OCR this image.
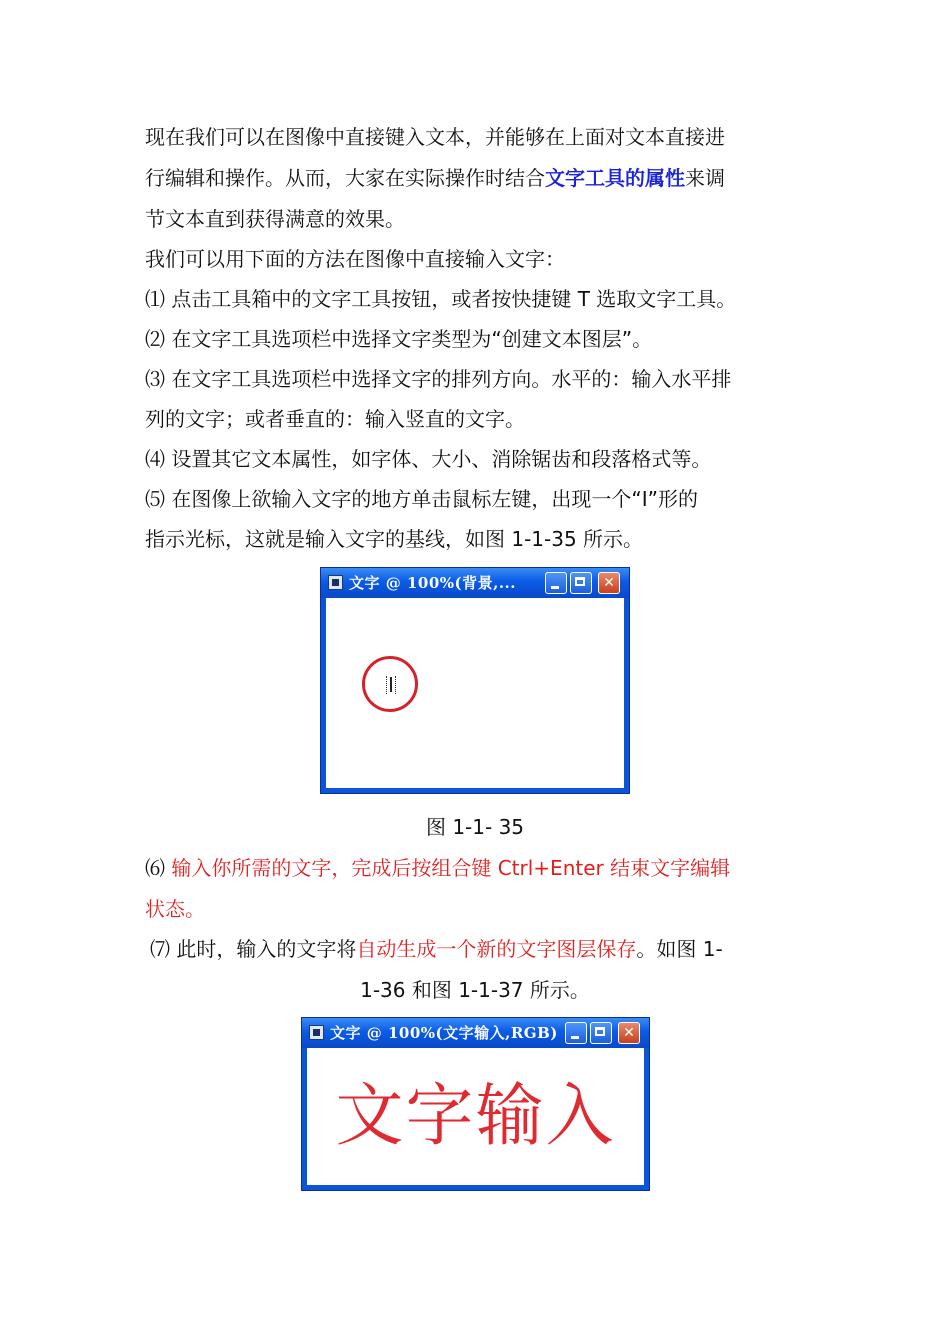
现在我们可以在图像中直接键入文本，并能够在上面对文本直接进
行编辑和操作。从而，大家在实际操作时结合文字工具的属性来调
节文本直到获得满意的效果。
我们可以用下面的方法在图像中直接输入文字：
⑴ 点击工具箱中的文字工具按钮，或者按快捷键 T 选取文字工具。
⑵ 在文字工具选项栏中选择文字类型为“创建文本图层”。
⑶ 在文字工具选项栏中选择文字的排列方向。水平的：输入水平排
列的文字；或者垂直的：输入竖直的文字。
⑷ 设置其它文本属性，如字体、大小、消除锯齿和段落格式等。
⑸ 在图像上欲输入文字的地方单击鼠标左键，出现一个“I”形的
指示光标，这就是输入文字的基线，如图 1-1-35 所示。
文字 @ 100%(背景,...	✕
图 1-1- 35
⑹ 输入你所需的文字，完成后按组合键 Ctrl+Enter 结束文字编辑
状态。
⑺ 此时，输入的文字将自动生成一个新的文字图层保存。如图 1-
1-36 和图 1-1-37 所示。
文字 @ 100%(文字输入,RGB)	✕
文字输入
